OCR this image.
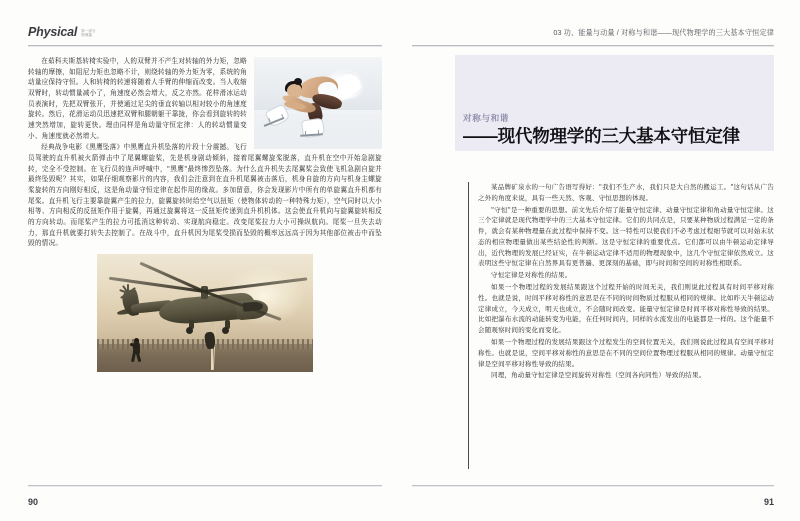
Physical 第一部分
物理篇

在茹科夫斯基转椅实验中，人的双臂并不产生对转轴的外力矩，忽略转轴的摩擦，如阻尼力矩也忽略不计，则绕转轴的外力矩为零，系统的角动量应保持守恒。人和转椅的转速将随着人手臂的伸缩而改变。当人收缩双臂时，转动惯量减小了，角速度必然会增大，反之亦然。花样滑冰运动员表演时，先把双臂张开，并使通过足尖的垂直转轴以相对较小的角速度旋转。然后，花滑运动员迅速把双臂和腿朝躯干靠拢，你会看到旋转的转速突然增加，旋转更快。理由同样是角动量守恒定律：人的转动惯量变小、角速度就必然增大。

经典战争电影《黑鹰坠落》中黑鹰直升机坠落的片段十分震撼。飞行员驾驶的直升机被火箭弹击中了尾翼螺旋桨，先是机身剧动倾斜，接着尾翼螺旋桨脱落，直升机在空中开始急剧旋转，完全不受控制。在飞行员的连声呼喊中，"黑鹰"最终惨烈坠落。为什么直升机失去尾翼桨会致使飞机急剧自旋并最终坠毁呢？其实，如果仔细观察影片的内容，我们会注意到在直升机尾翼被击落后，机身自旋的方向与机身主螺旋桨旋转的方向刚好相反，这是角动量守恒定律在起作用的缘故。多加留意，你会发现影片中所有的单旋翼直升机都有尾桨。直升机飞行主要靠旋翼产生的拉力，旋翼旋转时给空气以扭矩（使物体转动的一种特殊力矩），空气同时以大小相等、方向相反的反扭矩作用于旋翼，再通过旋翼将这一反扭矩传递到直升机机体。这会使直升机向与旋翼旋转相反的方向转动。而尾桨产生的拉力可抵消这种转动、实现航向稳定。改变尾桨拉力大小可操纵航向。尾桨一旦失去动力，那直升机就要打转失去控制了。在战斗中，直升机因为尾桨受损而坠毁的概率远远高于因为其他部位被击中而坠毁的情况。

90
03 功、能量与动量 / 对称与和谐——现代物理学的三大基本守恒定律
对称与和谐
——现代物理学的三大基本守恒定律

某品牌矿泉水的一句广告语写得好："我们不生产水，我们只是大自然的搬运工。"这句话从广告之外的角度来说，具有一些天然、客观、守恒思想的体现。

"守恒"是一种重要的思想。前文先后介绍了能量守恒定律、动量守恒定律和角动量守恒定律。这三个定律就是现代物理学中的三大基本守恒定律。它们的共同点是，只要某种物质过程满足一定的条件，就会有某种物理量在此过程中保持不变。这一特性可以使我们不必考虑过程细节就可以对始末状态的相应物理量做出某些结论性的判断。这是守恒定律的重要优点。它们都可以由牛顿运动定律导出，近代物理的发展已经证实，在牛顿运动定律不适用的物理现象中，这几个守恒定律依然成立。这表明这些守恒定律在自然界具有更普遍、更深刻的基础，即与时间和空间的对称性相联系。

守恒定律是对称性的结果。

如果一个物理过程的发展结果跟这个过程开始的时间无关，我们则说此过程具有时间平移对称性。也就是说，时间平移对称性的意思是在不同的时间物质过程服从相同的规律。比如昨天牛顿运动定律成立，今天成立，明天也成立，不会随时间改变。能量守恒定律是时间平移对称性导致的结果。比如把瀑布水流的动能转变为电能，在任何时间内，同样的水流发出的电能都是一样的。这个能量不会随观察时间的变化而变化。

如果一个物理过程的发展结果跟这个过程发生的空间位置无关，我们则说此过程具有空间平移对称性。也就是说，空间平移对称性的意思是在不同的空间位置物理过程服从相同的规律。动量守恒定律是空间平移对称性导致的结果。

同理，角动量守恒定律是空间旋转对称性（空间各向同性）导致的结果。

91
